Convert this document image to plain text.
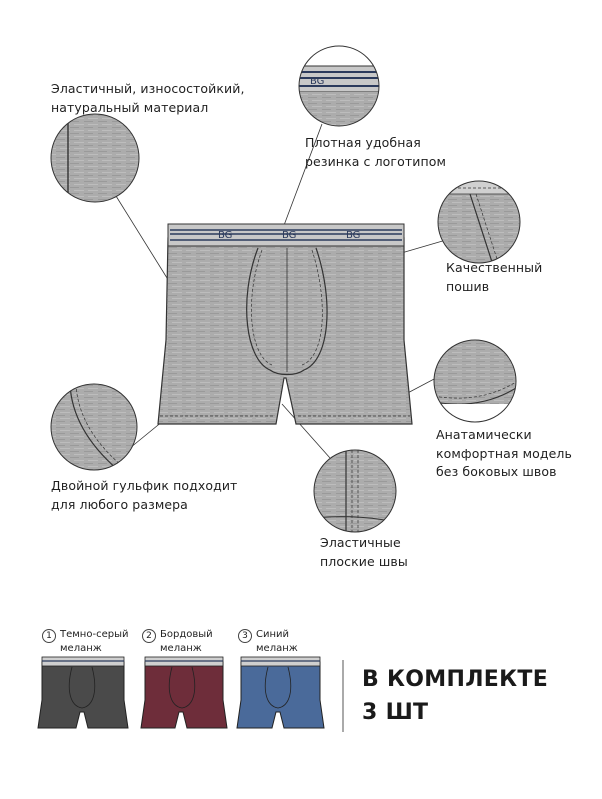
BG	BG	BG
BG
Эластичный, износостойкий,
натуральный материал
Плотная удобная
резинка с логотипом
Качественный
пошив
Анатамически
комфортная модель
без боковых швов
Двойной гульфик подходит
для любого размера
Эластичные
плоские швы
1 Темно-серый
меланж
2 Бордовый
меланж
3 Синий
меланж
В КОМПЛЕКТЕ
3 ШТ
